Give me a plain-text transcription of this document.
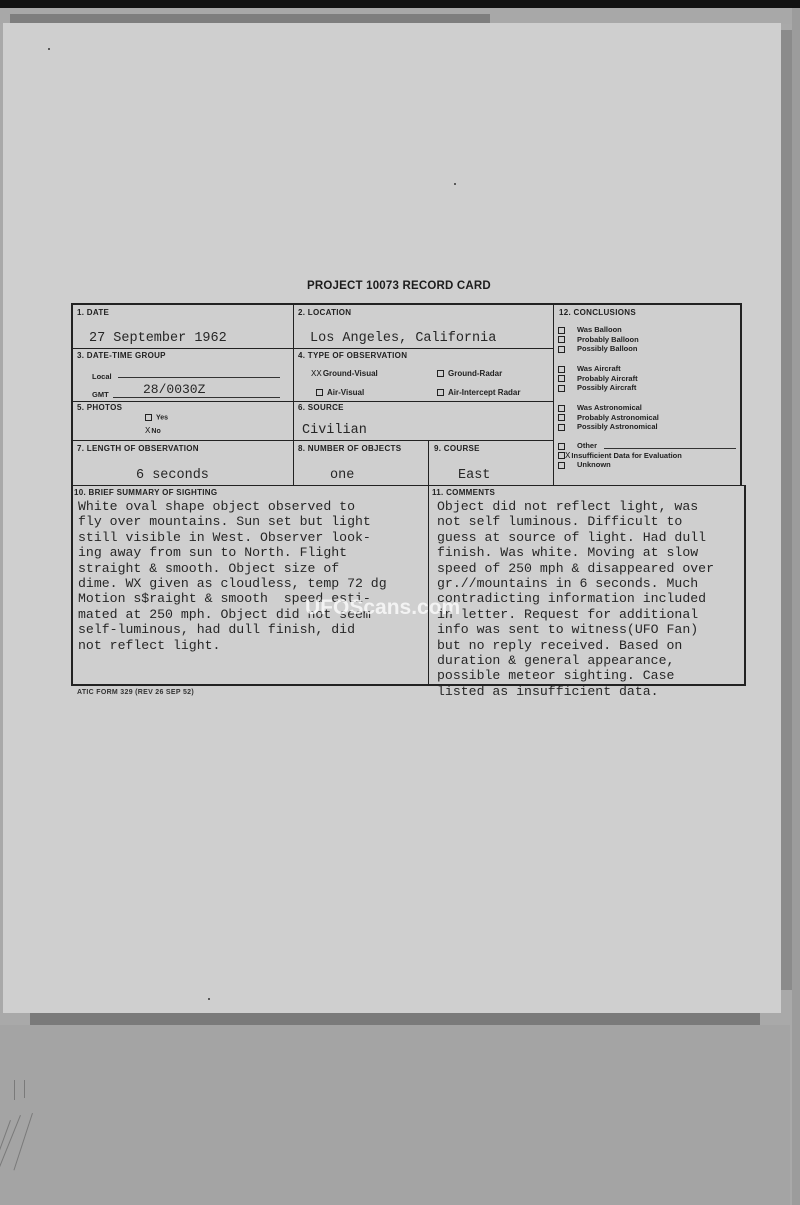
PROJECT 10073 RECORD CARD
1. DATE
27 September 1962
2. LOCATION
Los Angeles, California
3. DATE-TIME GROUP
Local
GMT	28/0030Z
4. TYPE OF OBSERVATION
XXGround-Visual	Ground-Radar
Air-Visual	Air-Intercept Radar
5. PHOTOS
Yes
XNo
6. SOURCE
Civilian
7. LENGTH OF OBSERVATION
6 seconds
8. NUMBER OF OBJECTS
one
9. COURSE
East
12. CONCLUSIONS
Was Balloon
Probably Balloon
Possibly Balloon
Was Aircraft
Probably Aircraft
Possibly Aircraft
Was Astronomical
Probably Astronomical
Possibly Astronomical
Other
XInsufficient Data for Evaluation
Unknown
10. BRIEF SUMMARY OF SIGHTING
White oval shape object observed to
fly over mountains. Sun set but light
still visible in West. Observer look-
ing away from sun to North. Flight
straight & smooth. Object size of
dime. WX given as cloudless, temp 72 dg
Motion s$raight & smooth  speed esti-
mated at 250 mph. Object did not seem
self-luminous, had dull finish, did
not reflect light.
11. COMMENTS
Object did not reflect light, was
not self luminous. Difficult to
guess at source of light. Had dull
finish. Was white. Moving at slow
speed of 250 mph & disappeared over
gr.//mountains in 6 seconds. Much
contradicting information included
in letter. Request for additional
info was sent to witness(UFO Fan)
but no reply received. Based on
duration & general appearance,
possible meteor sighting. Case
listed as insufficient data.
ATIC FORM 329 (REV 26 SEP 52)
UFOScans.com
